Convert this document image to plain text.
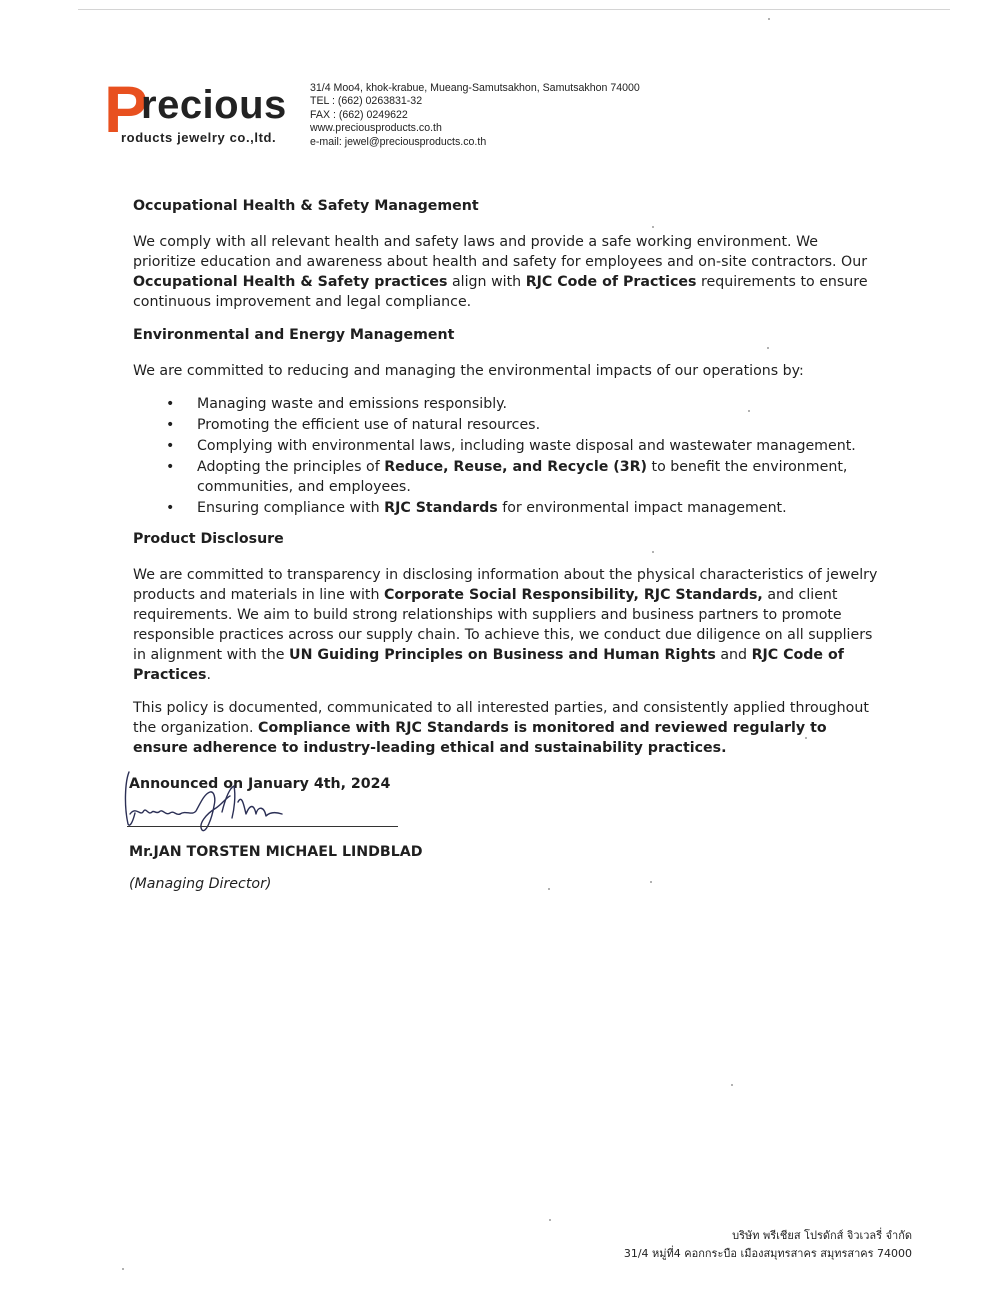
P
recious
roducts jewelry co.,ltd.
31/4 Moo4, khok-krabue, Mueang-Samutsakhon, Samutsakhon 74000
TEL : (662) 0263831-32
FAX : (662) 0249622
www.preciousproducts.co.th
e-mail: jewel@preciousproducts.co.th
Occupational Health & Safety Management

We comply with all relevant health and safety laws and provide a safe working environment. We prioritize education and awareness about health and safety for employees and on-site contractors. Our Occupational Health & Safety practices align with RJC Code of Practices requirements to ensure continuous improvement and legal compliance.

Environmental and Energy Management

We are committed to reducing and managing the environmental impacts of our operations by:

• Managing waste and emissions responsibly.
• Promoting the efficient use of natural resources.
• Complying with environmental laws, including waste disposal and wastewater management.
• Adopting the principles of Reduce, Reuse, and Recycle (3R) to benefit the environment, communities, and employees.
• Ensuring compliance with RJC Standards for environmental impact management.
Product Disclosure

We are committed to transparency in disclosing information about the physical characteristics of jewelry products and materials in line with Corporate Social Responsibility, RJC Standards, and client requirements. We aim to build strong relationships with suppliers and business partners to promote responsible practices across our supply chain. To achieve this, we conduct due diligence on all suppliers in alignment with the UN Guiding Principles on Business and Human Rights and RJC Code of Practices.

This policy is documented, communicated to all interested parties, and consistently applied throughout the organization. Compliance with RJC Standards is monitored and reviewed regularly to ensure adherence to industry-leading ethical and sustainability practices.

Announced on January 4th, 2024
Mr.JAN TORSTEN MICHAEL LINDBLAD
(Managing Director)
บริษัท พรีเชียส โปรดักส์ จิวเวลรี่ จำกัด
31/4 หมู่ที่4 คอกกระบือ เมืองสมุทรสาคร สมุทรสาคร 74000
